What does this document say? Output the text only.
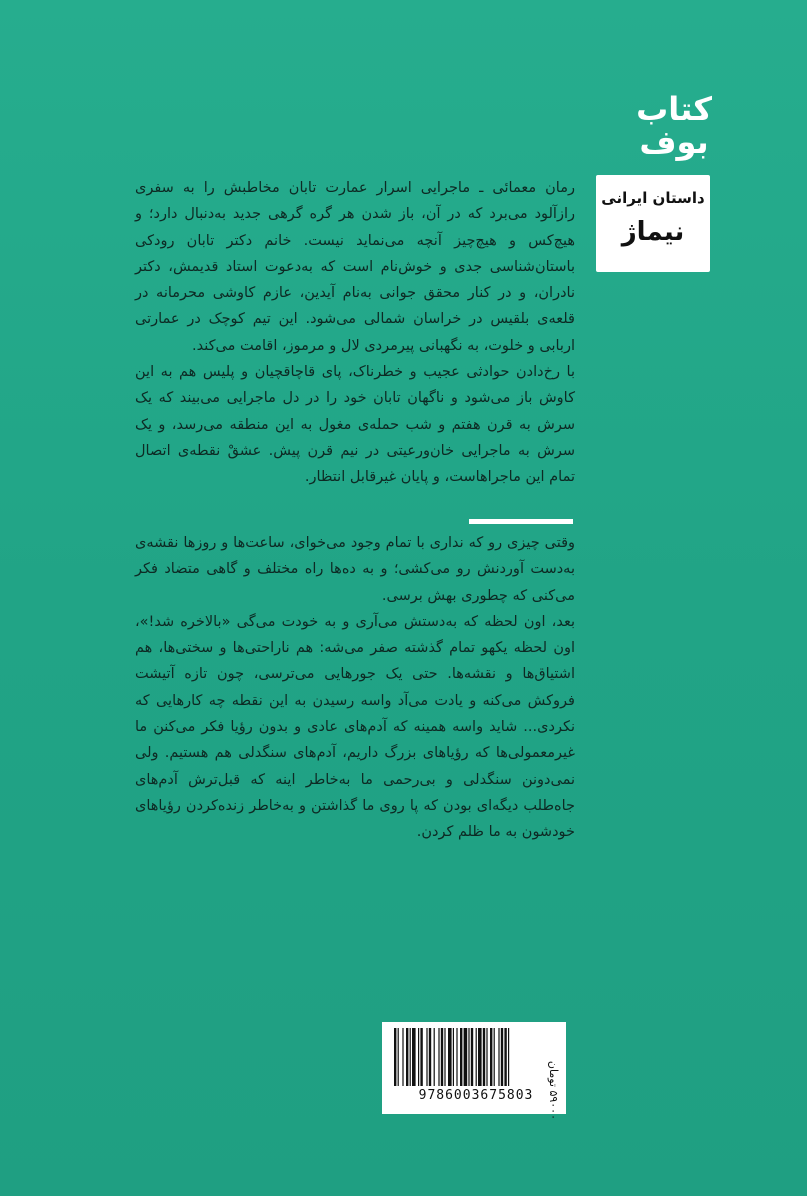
کتاب
بوف
داستان ایرانی
نیماژ

رمان معمائی ـ ماجرایی اسرار عمارت تابان مخاطبش را به سفری رازآلود می‌برد که در آن، باز شدن هر گره گرهی جدید به‌دنبال دارد؛ و هیچ‌کس و هیچ‌چیز آنچه می‌نماید نیست. خانم دکتر تابان رودکی باستان‌شناسی جدی و خوش‌نام است که به‌دعوت استاد قدیمش، دکتر نادران، و در کنار محقق جوانی به‌نام آیدین، عازم کاوشی محرمانه در قلعه‌ی بلقیس در خراسان شمالی می‌شود. این تیم کوچک در عمارتی اربابی و خلوت، به نگهبانی پیرمردی لال و مرموز، اقامت می‌کند.

با رخ‌دادن حوادثی عجیب و خطرناک، پای قاچاقچیان و پلیس هم به این کاوش باز می‌شود و ناگهان تابان خود را در دل ماجرایی می‌بیند که یک سرش به قرن هفتم و شب حمله‌ی مغول به این منطقه می‌رسد، و یک سرش به ماجرایی خان‌ورعیتی در نیم قرن پیش. عشقْ نقطه‌ی اتصال تمام این ماجراهاست، و پایان غیرقابل انتظار.

وقتی چیزی رو که نداری با تمام وجود می‌خوای، ساعت‌ها و روزها نقشه‌ی به‌دست آوردنش رو می‌کشی؛ و به ده‌ها راه مختلف و گاهی متضاد فکر می‌کنی که چطوری بهش برسی.

بعد، اون لحظه که به‌دستش می‌آری و به خودت می‌گی «بالاخره شد!»، اون لحظه یکهو تمام گذشته صفر می‌شه: هم ناراحتی‌ها و سختی‌ها، هم اشتیاق‌ها و نقشه‌ها. حتی یک جورهایی می‌ترسی، چون تازه آتیشت فروکش می‌کنه و یادت می‌آد واسه رسیدن به این نقطه چه کارهایی که نکردی... شاید واسه همینه که آدم‌های عادی و بدون رؤیا فکر می‌کنن ما غیرمعمولی‌ها که رؤیاهای بزرگ داریم، آدم‌های سنگدلی هم هستیم. ولی نمی‌دونن سنگدلی و بی‌رحمی ما به‌خاطر اینه که قبل‌ترش آدم‌های جاه‌طلب دیگه‌ای بودن که پا روی ما گذاشتن و به‌خاطر زنده‌کردن رؤیاهای خودشون به ما ظلم کردن.

9786003675803
۵۹۰۰۰ تومان
